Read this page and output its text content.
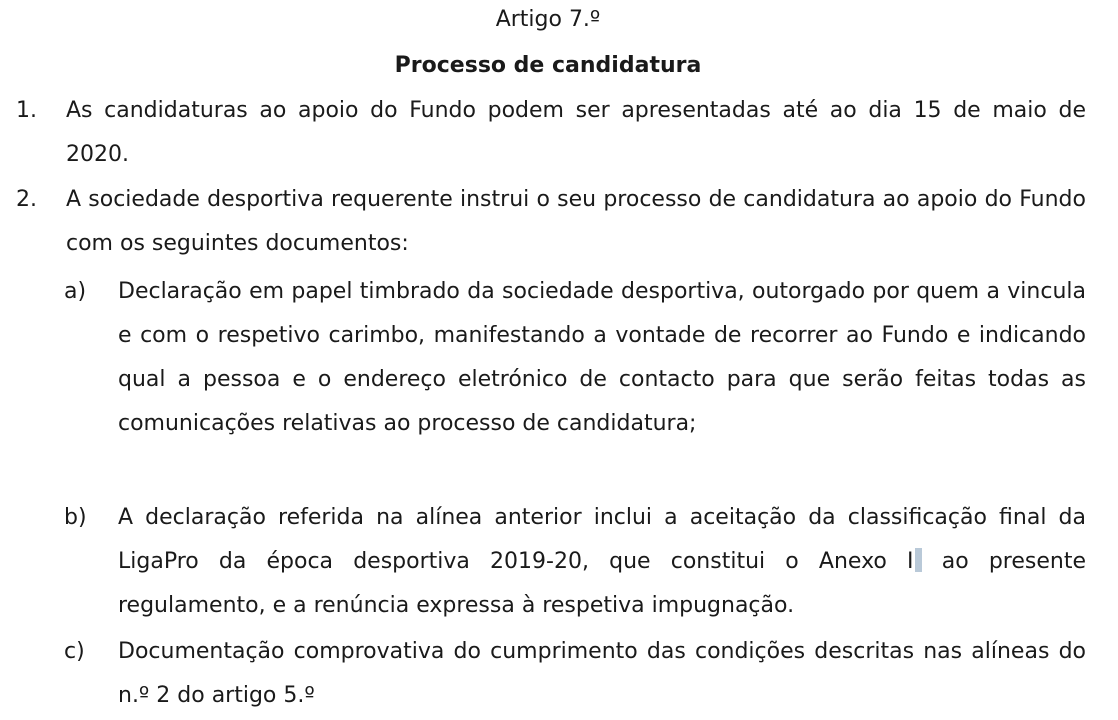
Artigo 7.º
Processo de candidatura
1. As candidaturas ao apoio do Fundo podem ser apresentadas até ao dia 15 de maio de 2020.
2. A sociedade desportiva requerente instrui o seu processo de candidatura ao apoio do Fundo com os seguintes documentos:
a) Declaração em papel timbrado da sociedade desportiva, outorgado por quem a vincula e com o respetivo carimbo, manifestando a vontade de recorrer ao Fundo e indicando qual a pessoa e o endereço eletrónico de contacto para que serão feitas todas as comunicações relativas ao processo de candidatura;
b) A declaração referida na alínea anterior inclui a aceitação da classificação final da LigaPro da época desportiva 2019-20, que constitui o Anexo I ao presente regulamento, e a renúncia expressa à respetiva impugnação.
c) Documentação comprovativa do cumprimento das condições descritas nas alíneas do n.º 2 do artigo 5.º
